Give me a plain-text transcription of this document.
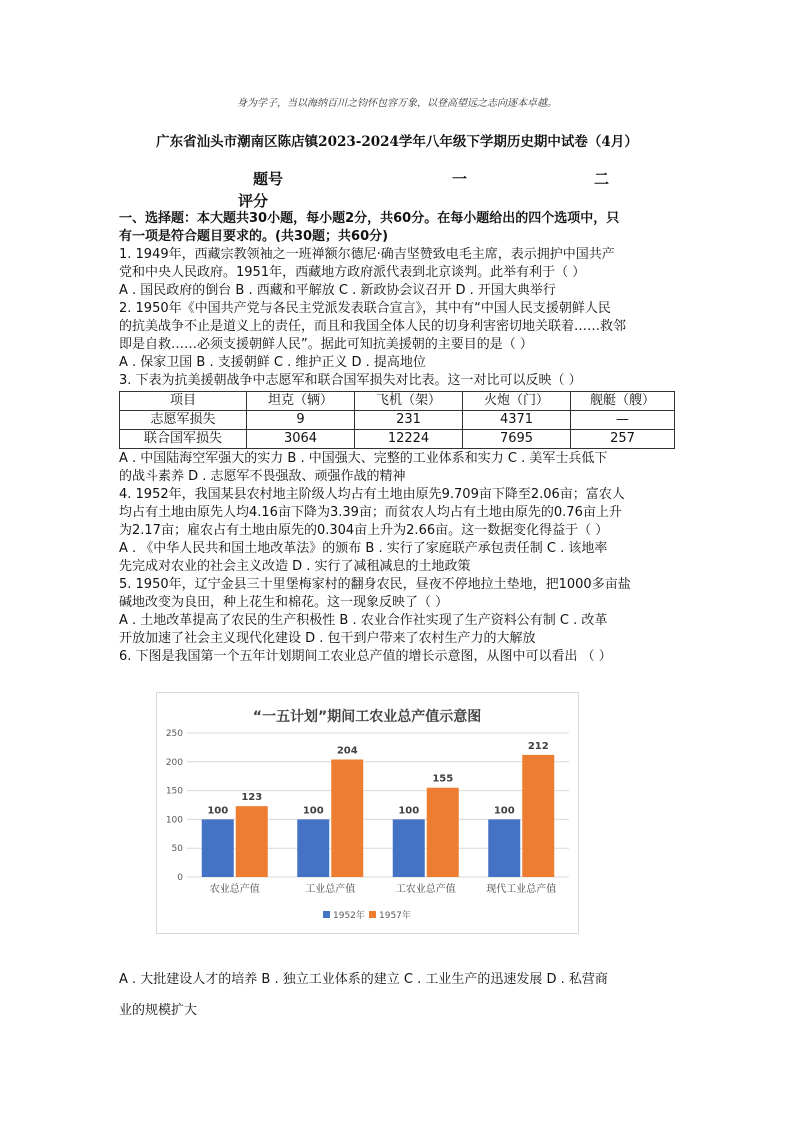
身为学子，当以海纳百川之钧怀包容万象，以登高望远之志向逐本卓越。
广东省汕头市潮南区陈店镇2023-2024学年八年级下学期历史期中试卷（4月）
题号	一	二
评分

一、选择题：本大题共30小题，每小题2分，共60分。在每小题给出的四个选项中，只

有一项是符合题目要求的。(共30题；共60分)

1. 1949年，西藏宗教领袖之一班禅额尔德尼·确吉坚赞致电毛主席，表示拥护中国共产

党和中央人民政府。1951年，西藏地方政府派代表到北京谈判。此举有利于（ ）

A . 国民政府的倒台 B . 西藏和平解放 C . 新政协会议召开 D . 开国大典举行

2. 1950年《中国共产党与各民主党派发表联合宣言》，其中有“中国人民支援朝鲜人民

的抗美战争不止是道义上的责任，而且和我国全体人民的切身利害密切地关联着……救邻

即是自救……必须支援朝鲜人民”。据此可知抗美援朝的主要目的是（ ）

A . 保家卫国 B . 支援朝鲜 C . 维护正义 D . 提高地位

3. 下表为抗美援朝战争中志愿军和联合国军损失对比表。这一对比可以反映（ ）

项目	坦克（辆）	飞机（架）	火炮（门）	舰艇（艘）
志愿军损失	9	231	4371	—
联合国军损失	3064	12224	7695	257

A . 中国陆海空军强大的实力 B . 中国强大、完整的工业体系和实力 C . 美军士兵低下

的战斗素养 D . 志愿军不畏强敌、顽强作战的精神

4. 1952年，我国某县农村地主阶级人均占有土地由原先9.709亩下降至2.06亩；富农人

均占有土地由原先人均4.16亩下降为3.39亩；而贫农人均占有土地由原先的0.76亩上升

为2.17亩；雇农占有土地由原先的0.304亩上升为2.66亩。这一数据变化得益于（ ）

A . 《中华人民共和国土地改革法》的颁布 B . 实行了家庭联产承包责任制 C . 该地率

先完成对农业的社会主义改造 D . 实行了减租减息的土地政策

5. 1950年，辽宁金县三十里堡梅家村的翻身农民，昼夜不停地拉土垫地，把1000多亩盐

碱地改变为良田，种上花生和棉花。这一现象反映了（ ）

A . 土地改革提高了农民的生产积极性 B . 农业合作社实现了生产资料公有制 C . 改革

开放加速了社会主义现代化建设 D . 包干到户带来了农村生产力的大解放

6. 下图是我国第一个五年计划期间工农业总产值的增长示意图，从图中可以看出 （ ）

“一五计划”期间工农业总产值示意图
0
50
100
150
200
250
100
123
农业总产值
100
204
工业总产值
100
155
工农业总产值
100
212
现代工业总产值
1952年 1957年

A . 大批建设人才的培养 B . 独立工业体系的建立 C . 工业生产的迅速发展 D . 私营商

业的规模扩大
